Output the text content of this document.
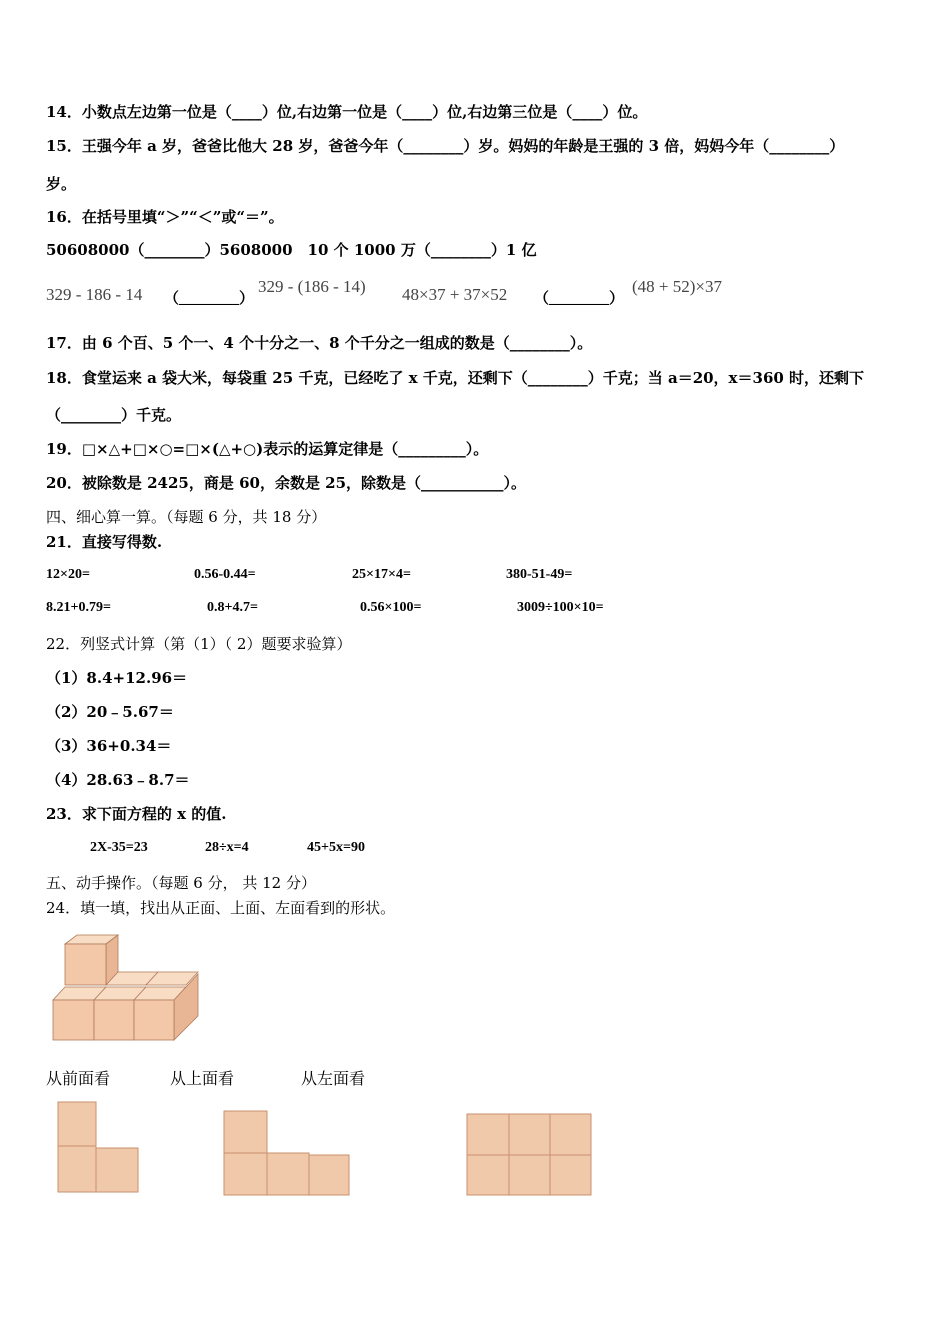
14．小数点左边第一位是（____）位,右边第一位是（____）位,右边第三位是（____）位。
15．王强今年 a 岁，爸爸比他大 28 岁，爸爸今年（________）岁。妈妈的年龄是王强的 3 倍，妈妈今年（________）
岁。
16．在括号里填“＞”“＜”或“＝”。
50608000（________）5608000　10 个 1000 万（________）1 亿
329 - 186 - 14 （________）
329 - (186 - 14) 48×37 + 37×52 （________）
(48 + 52)×37
17．由 6 个百、5 个一、4 个十分之一、8 个千分之一组成的数是（________）。
18．食堂运来 a 袋大米，每袋重 25 千克，已经吃了 x 千克，还剩下（________）千克；当 a＝20，x＝360 时，还剩下
（________）千克。
19．□×△+□×○=□×(△+○)表示的运算定律是（_________）。
20．被除数是 2425，商是 60，余数是 25，除数是（___________）。
四、细心算一算。（每题 6 分，共 18 分）
21．直接写得数.
12×20=	0.56-0.44=	25×17×4=	380-51-49=
8.21+0.79=	0.8+4.7=	0.56×100=	3009÷100×10=
22．列竖式计算（第（1）（ 2）题要求验算）
（1）8.4+12.96＝
（2）20﹣5.67＝
（3）36+0.34＝
（4）28.63﹣8.7＝
23．求下面方程的 x 的值.
2X-35=23	28÷x=4	45+5x=90
五、动手操作。（每题 6 分， 共 12 分）
24．填一填，找出从正面、上面、左面看到的形状。
从前面看	从上面看	从左面看
